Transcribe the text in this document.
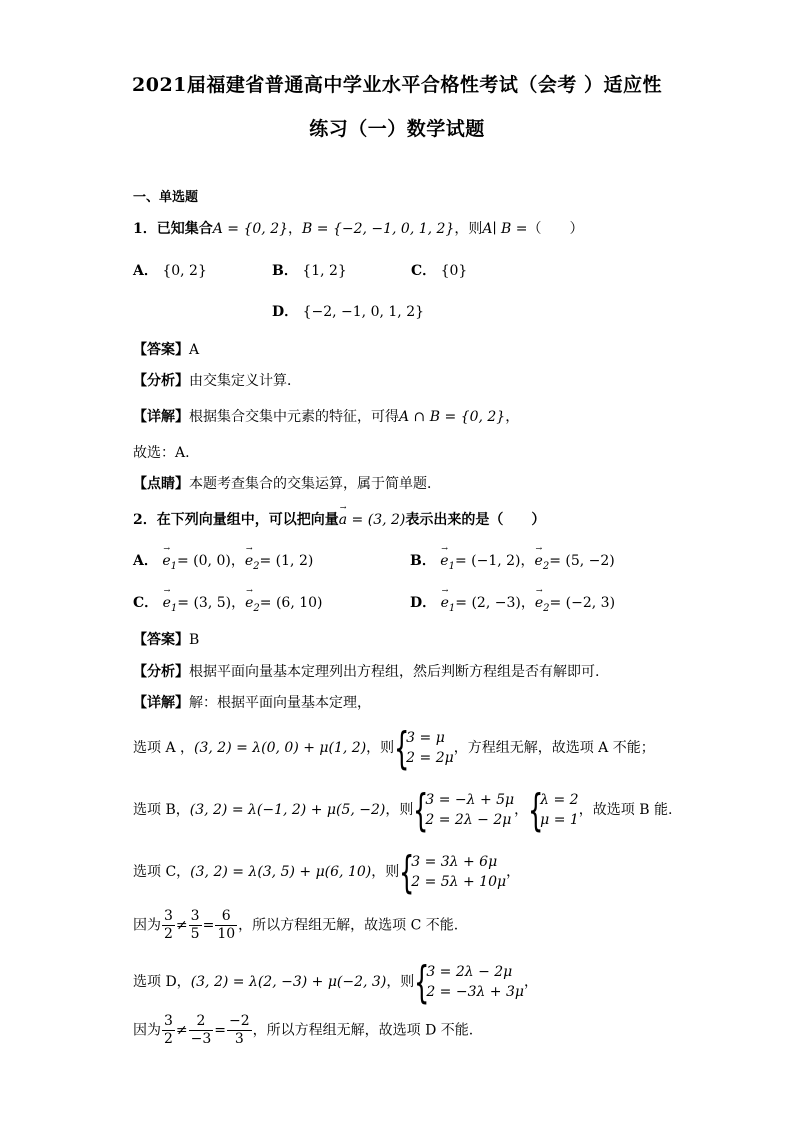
2021届福建省普通高中学业水平合格性考试（会考 ）适应性
练习（一）数学试题
一、单选题
1．已知集合A = {0, 2}，B = {−2, −1, 0, 1, 2}，则A∣ B =（　　）
A． {0, 2}	B． {1, 2}	C． {0}
D． {−2, −1, 0, 1, 2}
【答案】A
【分析】由交集定义计算．
【详解】根据集合交集中元素的特征，可得A ∩ B = {0, 2}，
故选：A.
【点睛】本题考查集合的交集运算，属于简单题．
2．在下列向量组中，可以把向量
→
a = (3, 2)表示出来的是（　　）
A．
→
$e_1= (0$, 0)，
→
$e_2= (1$, 2)	B．
→
$e_1= (-1$, 2)，
→
$e_2= (5$, −2)
C．
→
$e_1= (3$, 5)，
→
$e_2= (6$, 10)	D．
→
$e_1= (2$, −3)，
→
$e_2= (-2$, 3)
【答案】B
【分析】根据平面向量基本定理列出方程组，然后判断方程组是否有解即可.
【详解】解：根据平面向量基本定理，
选项 A ，(3, 2) = λ(0, 0) + μ(1, 2)，则 {
3 = μ
2 = 2μ
，方程组无解，故选项 A 不能；
选项 B，(3, 2) = λ(−1, 2) + μ(5, −2)，则 {
3 = −λ + 5μ
2 = 2λ − 2μ
， {
λ = 2
μ = 1
，故选项 B 能.
选项 C，(3, 2) = λ(3, 5) + μ(6, 10)，则 {
3 = 3λ + 6μ
2 = 5λ + 10μ
，
因为 $\frac{3}{2} \ne \frac{3}{5} = \frac{6}{10}$ ，所以方程组无解，故选项 C 不能.
选项 D，(3, 2) = λ(2, −3) + μ(−2, 3)，则 {
3 = 2λ − 2μ
2 = −3λ + 3μ
，
因为 $\frac{3}{2} \ne \frac{2}{-3} = \frac{-2}{3}$ ，所以方程组无解，故选项 D 不能.
